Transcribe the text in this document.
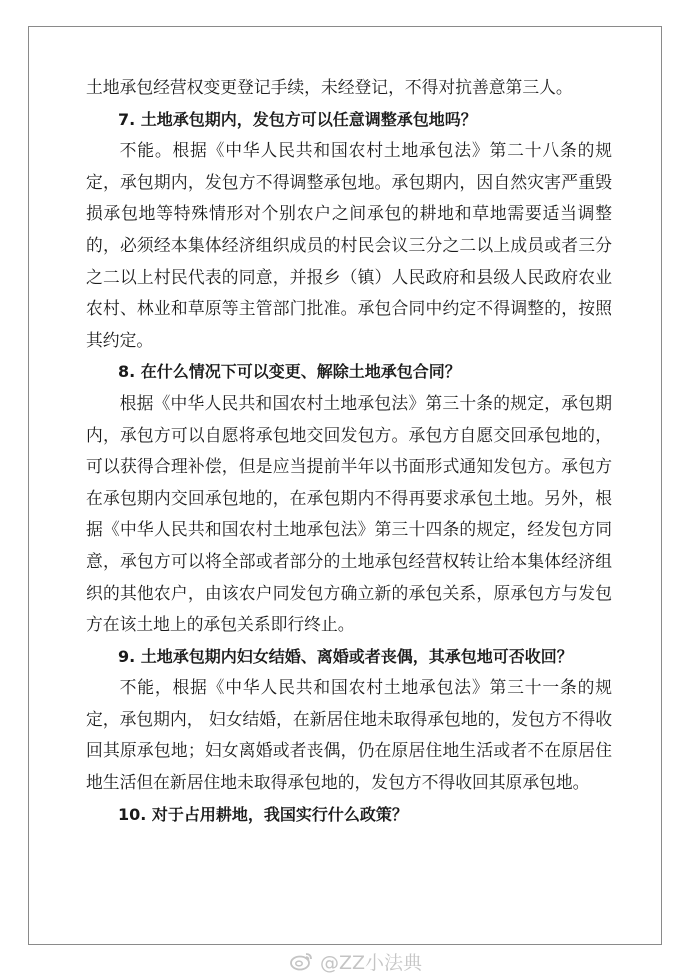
土地承包经营权变更登记手续，未经登记，不得对抗善意第三人。

7. 土地承包期内，发包方可以任意调整承包地吗？

不能。根据《中华人民共和国农村土地承包法》第二十八条的规定，承包期内，发包方不得调整承包地。承包期内，因自然灾害严重毁损承包地等特殊情形对个别农户之间承包的耕地和草地需要适当调整的，必须经本集体经济组织成员的村民会议三分之二以上成员或者三分之二以上村民代表的同意，并报乡（镇）人民政府和县级人民政府农业农村、林业和草原等主管部门批准。承包合同中约定不得调整的，按照其约定。

8. 在什么情况下可以变更、解除土地承包合同？

根据《中华人民共和国农村土地承包法》第三十条的规定，承包期内，承包方可以自愿将承包地交回发包方。承包方自愿交回承包地的，可以获得合理补偿，但是应当提前半年以书面形式通知发包方。承包方在承包期内交回承包地的，在承包期内不得再要求承包土地。另外，根据《中华人民共和国农村土地承包法》第三十四条的规定，经发包方同意，承包方可以将全部或者部分的土地承包经营权转让给本集体经济组织的其他农户，由该农户同发包方确立新的承包关系，原承包方与发包方在该土地上的承包关系即行终止。

9. 土地承包期内妇女结婚、离婚或者丧偶，其承包地可否收回？

不能，根据《中华人民共和国农村土地承包法》第三十一条的规定，承包期内， 妇女结婚，在新居住地未取得承包地的，发包方不得收回其原承包地；妇女离婚或者丧偶，仍在原居住地生活或者不在原居住地生活但在新居住地未取得承包地的，发包方不得收回其原承包地。

10. 对于占用耕地，我国实行什么政策？

@ZZ小法典
